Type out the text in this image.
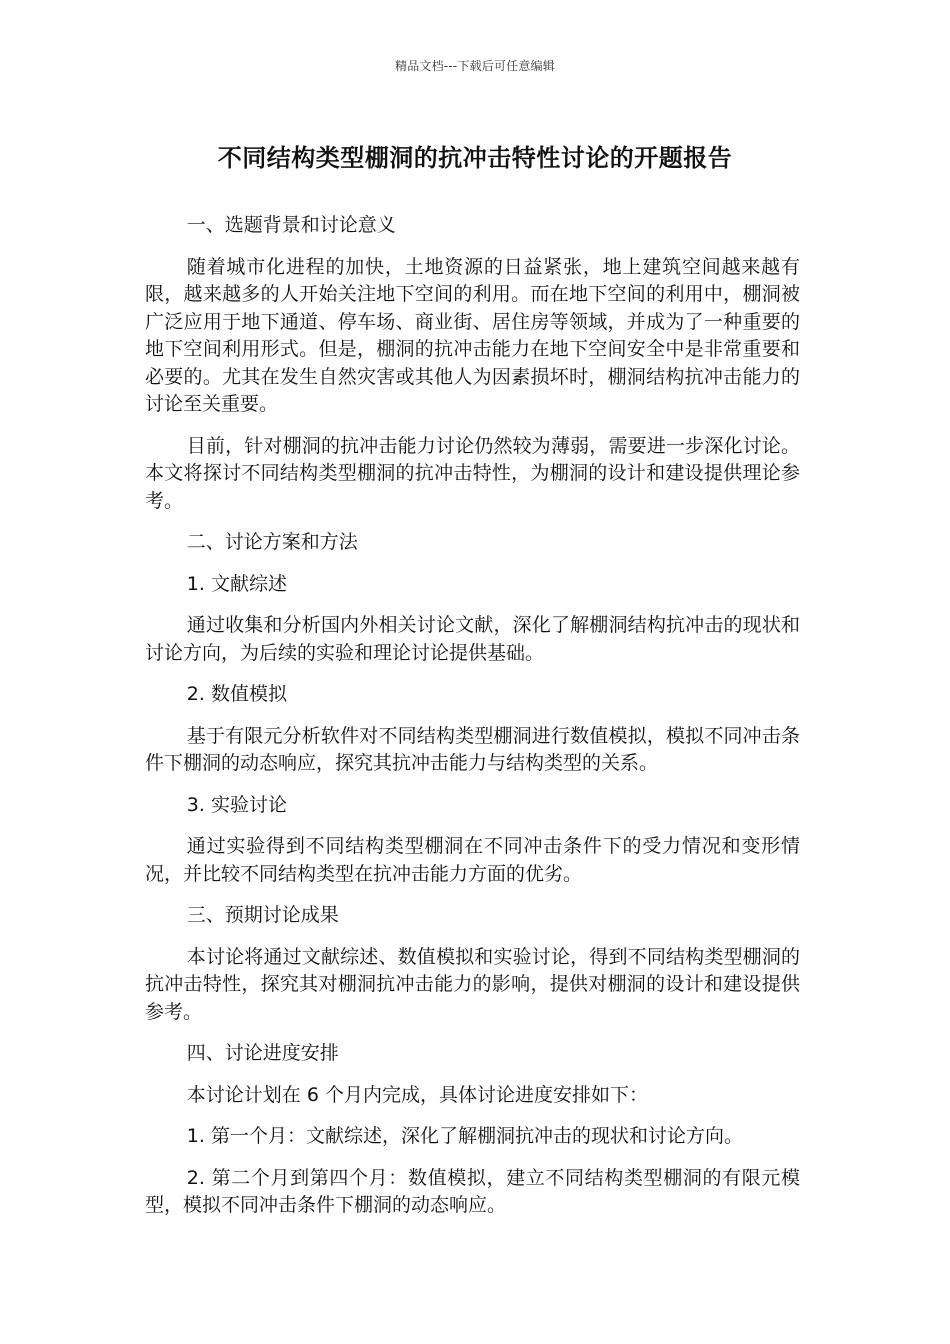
精品文档---下载后可任意编辑
不同结构类型棚洞的抗冲击特性讨论的开题报告

一、选题背景和讨论意义

随着城市化进程的加快，土地资源的日益紧张，地上建筑空间越来越有限，越来越多的人开始关注地下空间的利用。而在地下空间的利用中，棚洞被广泛应用于地下通道、停车场、商业街、居住房等领域，并成为了一种重要的地下空间利用形式。但是，棚洞的抗冲击能力在地下空间安全中是非常重要和必要的。尤其在发生自然灾害或其他人为因素损坏时，棚洞结构抗冲击能力的讨论至关重要。

目前，针对棚洞的抗冲击能力讨论仍然较为薄弱，需要进一步深化讨论。本文将探讨不同结构类型棚洞的抗冲击特性，为棚洞的设计和建设提供理论参考。

二、讨论方案和方法

1. 文献综述

通过收集和分析国内外相关讨论文献，深化了解棚洞结构抗冲击的现状和讨论方向，为后续的实验和理论讨论提供基础。

2. 数值模拟

基于有限元分析软件对不同结构类型棚洞进行数值模拟，模拟不同冲击条件下棚洞的动态响应，探究其抗冲击能力与结构类型的关系。

3. 实验讨论

通过实验得到不同结构类型棚洞在不同冲击条件下的受力情况和变形情况，并比较不同结构类型在抗冲击能力方面的优劣。

三、预期讨论成果

本讨论将通过文献综述、数值模拟和实验讨论，得到不同结构类型棚洞的抗冲击特性，探究其对棚洞抗冲击能力的影响，提供对棚洞的设计和建设提供参考。

四、讨论进度安排

本讨论计划在 6 个月内完成，具体讨论进度安排如下：

1. 第一个月：文献综述，深化了解棚洞抗冲击的现状和讨论方向。

2. 第二个月到第四个月：数值模拟，建立不同结构类型棚洞的有限元模型，模拟不同冲击条件下棚洞的动态响应。
